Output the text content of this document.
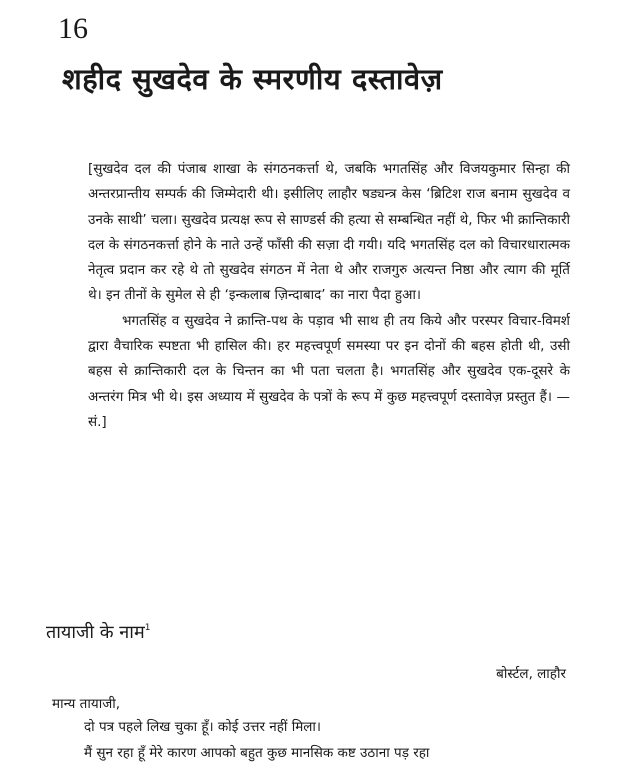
16
शहीद सुखदेव के स्मरणीय दस्तावेज़

[सुखदेव दल की पंजाब शाखा के संगठनकर्त्ता थे, जबकि भगतसिंह और विजयकुमार सिन्हा की अन्तरप्रान्तीय सम्पर्क की जिम्मेदारी थी। इसीलिए लाहौर षड्यन्त्र केस ‘ब्रिटिश राज बनाम सुखदेव व उनके साथी’ चला। सुखदेव प्रत्यक्ष रूप से साण्डर्स की हत्या से सम्बन्धित नहीं थे, फिर भी क्रान्तिकारी दल के संगठनकर्त्ता होने के नाते उन्हें फाँसी की सज़ा दी गयी। यदि भगतसिंह दल को विचारधारात्मक नेतृत्व प्रदान कर रहे थे तो सुखदेव संगठन में नेता थे और राजगुरु अत्यन्त निष्ठा और त्याग की मूर्ति थे। इन तीनों के सुमेल से ही ‘इन्कलाब ज़िन्दाबाद’ का नारा पैदा हुआ।

भगतसिंह व सुखदेव ने क्रान्ति-पथ के पड़ाव भी साथ ही तय किये और परस्पर विचार-विमर्श द्वारा वैचारिक स्पष्टता भी हासिल की। हर महत्त्वपूर्ण समस्या पर इन दोनों की बहस होती थी, उसी बहस से क्रान्तिकारी दल के चिन्तन का भी पता चलता है। भगतसिंह और सुखदेव एक-दूसरे के अन्तरंग मित्र भी थे। इस अध्याय में सुखदेव के पत्रों के रूप में कुछ महत्त्वपूर्ण दस्तावेज़ प्रस्तुत हैं। —सं.]

तायाजी के नाम$^1$
बोर्स्टल, लाहौर

मान्य तायाजी,

दो पत्र पहले लिख चुका हूँ। कोई उत्तर नहीं मिला।

मैं सुन रहा हूँ मेरे कारण आपको बहुत कुछ मानसिक कष्ट उठाना पड़ रहा
